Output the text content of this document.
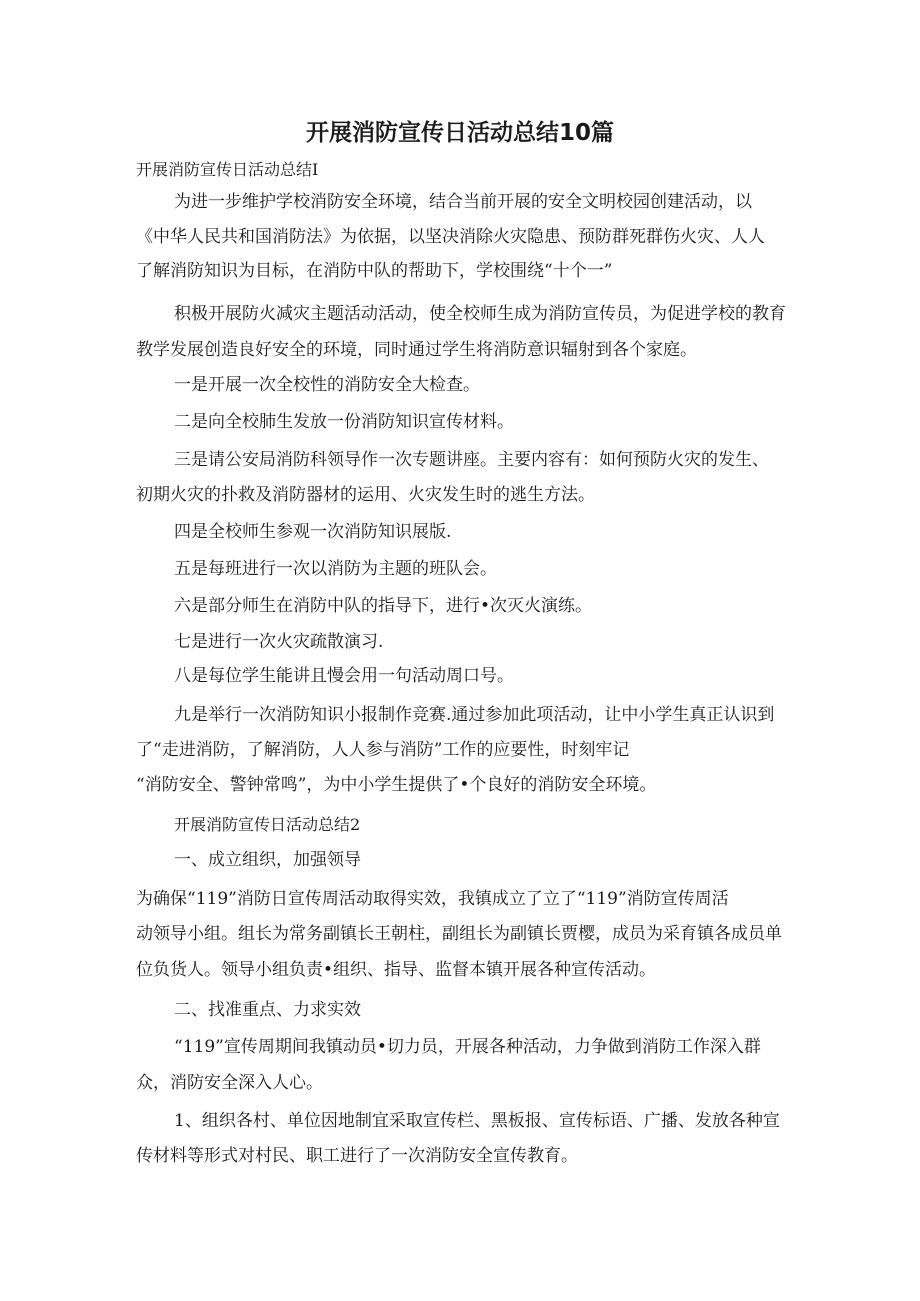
开展消防宣传日活动总结10篇
开展消防宣传日活动总结I
为进一步维护学校消防安全环境，结合当前开展的安全文明校园创建活动，以
《中华人民共和国消防法》为依据，以坚决消除火灾隐患、预防群死群伤火灾、人人
了解消防知识为目标，在消防中队的帮助下，学校围绕“十个一”
积极开展防火减灾主题活动活动，使全校师生成为消防宣传员，为促进学校的教育
教学发展创造良好安全的环境，同时通过学生将消防意识辐射到各个家庭。
一是开展一次全校性的消防安全大检查。
二是向全校肺生发放一份消防知识宣传材料。
三是请公安局消防科领导作一次专题讲座。主要内容有：如何预防火灾的发生、
初期火灾的扑救及消防器材的运用、火灾发生时的逃生方法。
四是全校师生参观一次消防知识展版.
五是每班进行一次以消防为主题的班队会。
六是部分师生在消防中队的指导下，进行•次灭火演练。
七是进行一次火灾疏散演习.
八是每位学生能讲且慢会用一句活动周口号。
九是举行一次消防知识小报制作竞赛.通过参加此项活动，让中小学生真正认识到
了“走进消防，了解消防，人人参与消防”工作的应要性，时刻牢记
“消防安全、警钟常鸣”，为中小学生提供了•个良好的消防安全环境。
开展消防宣传日活动总结2
一、成立组织，加强领导
为确保“119”消防日宣传周活动取得实效，我镇成立了立了“119”消防宣传周活
动领导小组。组长为常务副镇长王朝柱，副组长为副镇长贾樱，成员为采育镇各成员单
位负货人。领导小组负责•组织、指导、监督本镇开展各种宣传活动。
二、找准重点、力求实效
“119”宣传周期间我镇动员•切力员，开展各种活动，力争做到消防工作深入群
众，消防安全深入人心。
1、组织各村、单位因地制宜采取宣传栏、黑板报、宣传标语、广播、发放各种宣
传材料等形式对村民、职工进行了一次消防安全宣传教育。
